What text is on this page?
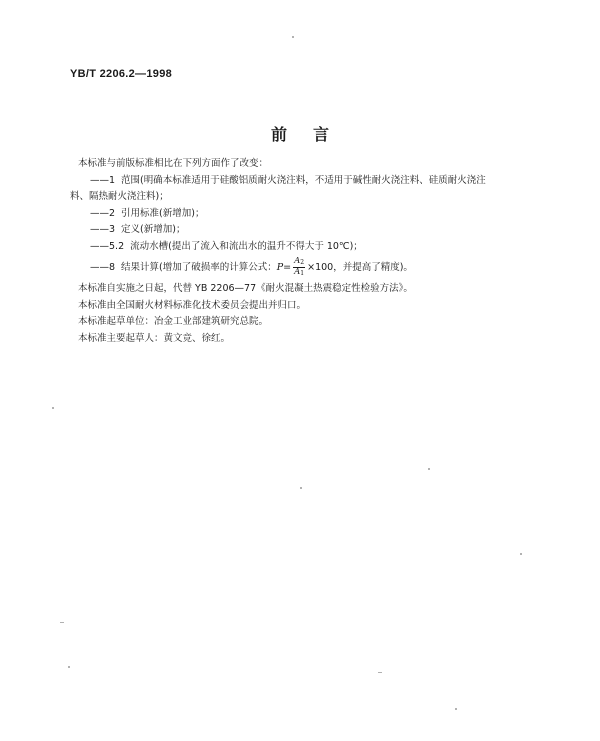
YB/T 2206.2—1998
前言
本标准与前版标准相比在下列方面作了改变：
——1 范围(明确本标准适用于硅酸铝质耐火浇注料，不适用于碱性耐火浇注料、硅质耐火浇注
料、隔热耐火浇注料)；
——2 引用标准(新增加)；
——3 定义(新增加)；
——5.2 流动水槽(提出了流入和流出水的温升不得大于 10℃)；
——8 结果计算(增加了破损率的计算公式：$P= \frac{A_2}{A_1} \times 100$，并提高了精度)。
本标准自实施之日起，代替 YB 2206—77《耐火混凝土热震稳定性检验方法》。
本标准由全国耐火材料标准化技术委员会提出并归口。
本标准起草单位：冶金工业部建筑研究总院。
本标准主要起草人：黄文竞、徐红。
